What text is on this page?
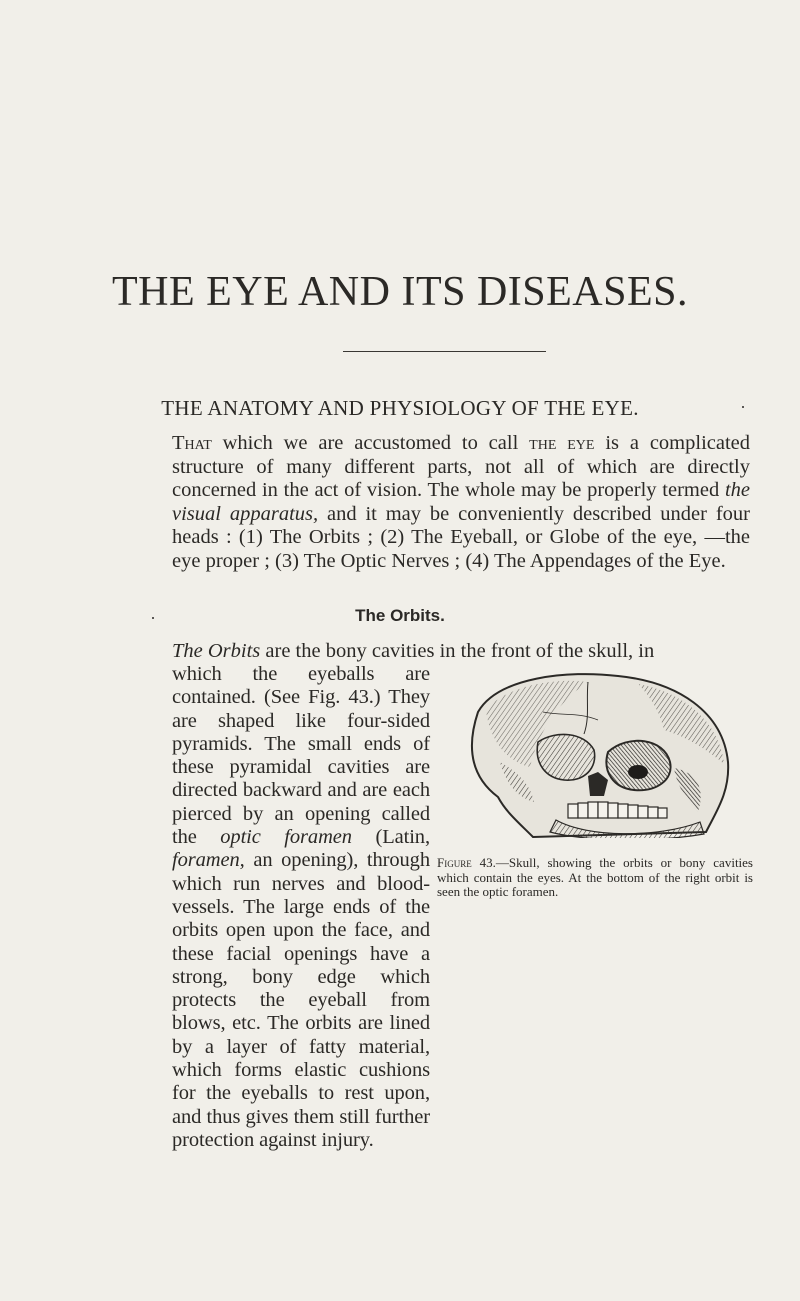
THE EYE AND ITS DISEASES.
THE ANATOMY AND PHYSIOLOGY OF THE EYE.

That which we are accustomed to call the eye is a complicated structure of many different parts, not all of which are directly concerned in the act of vision. The whole may be properly termed the visual apparatus, and it may be conveniently described under four heads : (1) The Orbits ; (2) The Eyeball, or Globe of the eye, —the eye proper ; (3) The Optic Nerves ; (4) The Appendages of the Eye.

The Orbits.

The Orbits are the bony cavities in the front of the skull, in

which the eyeballs are contained. (See Fig. 43.) They are shaped like four-sided pyramids. The small ends of these pyramidal cavities are directed backward and are each pierced by an opening called the optic foramen (Latin, foramen, an opening), through which run nerves and blood-vessels. The large ends of the orbits open upon the face, and these facial openings have a strong, bony edge which protects the eyeball from blows, etc. The orbits are lined by a layer of fatty material, which forms elastic cushions for the eyeballs to rest upon, and thus gives them still further protection against injury.

Figure 43.—Skull, showing the orbits or bony cavities which contain the eyes. At the bottom of the right orbit is seen the optic foramen.
